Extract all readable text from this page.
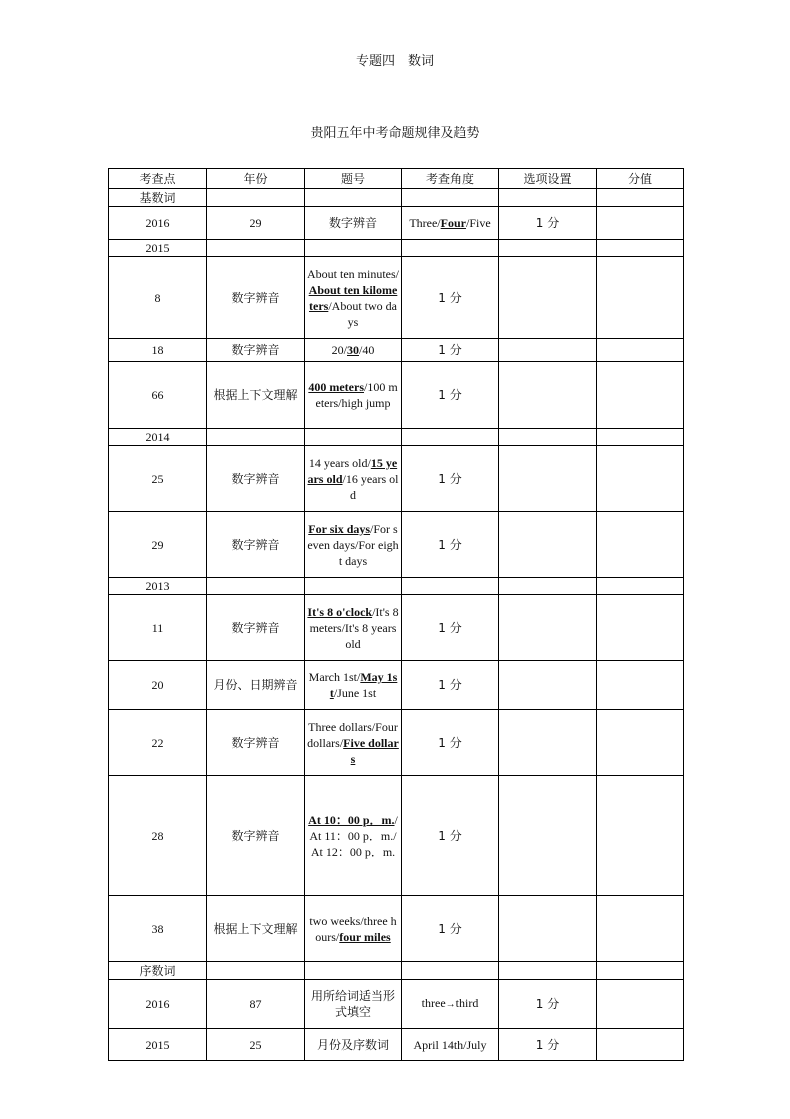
专题四　数词
贵阳五年中考命题规律及趋势
考查点	年份	题号	考查角度	选项设置	分值
基数词					
2016	29	数字辨音	Three/Four/Five	1 分	
2015					
8	数字辨音	About ten minutes/About ten kilometers/About two days	1 分		
18	数字辨音	20/30/40	1 分		
66	根据上下文理解	400 meters/100 meters/high jump	1 分		
2014					
25	数字辨音	14 years old/15 years old/16 years old	1 分		
29	数字辨音	For six days/For seven days/For eight days	1 分		
2013					
11	数字辨音	It's 8 o'clock/It's 8 meters/It's 8 years old	1 分		
20	月份、日期辨音	March 1st/May 1st/June 1st	1 分		
22	数字辨音	Three dollars/Four dollars/Five dollars	1 分		
28	数字辨音	At 10：00 p．m./At 11：00 p．m./At 12：00 p．m.	1 分		
38	根据上下文理解	two weeks/three hours/four miles	1 分		
序数词					
2016	87	用所给词适当形式填空	three→third	1 分	
2015	25	月份及序数词	April 14th/July	1 分	
